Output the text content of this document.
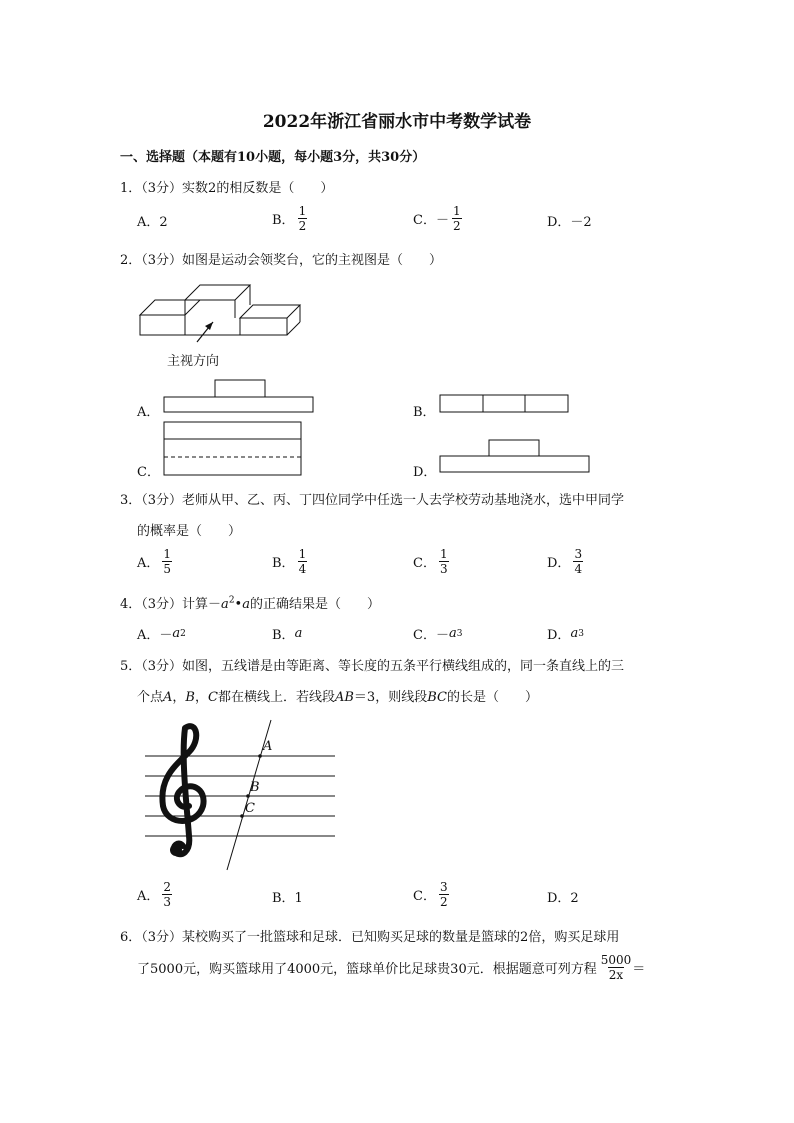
2022年浙江省丽水市中考数学试卷
一、选择题（本题有10小题，每小题3分，共30分）
1．（3分）实数2的相反数是（　　）
A．2	B． $\frac{1}{2}$	C．－ $\frac{1}{2}$	D．－2
2．（3分）如图是运动会领奖台，它的主视图是（　　）
主视方向
A．	B．
C．	D．
3．（3分）老师从甲、乙、丙、丁四位同学中任选一人去学校劳动基地浇水，选中甲同学
的概率是（　　）
A． $\frac{1}{5}$	B． $\frac{1}{4}$	C． $\frac{1}{3}$	D． $\frac{3}{4}$
4．（3分）计算$-a^2•a$的正确结果是（　　）
A．－ a 2	B． a	C．－ a 3	D． a 3
5．（3分）如图，五线谱是由等距离、等长度的五条平行横线组成的，同一条直线上的三
个点A，B，C都在横线上．若线段AB＝3，则线段BC的长是（　　）
A
B
C
A． $\frac{2}{3}$	B．1	C． $\frac{3}{2}$	D．2
6．（3分）某校购买了一批篮球和足球．已知购买足球的数量是篮球的2倍，购买足球用
了5000元，购买篮球用了4000元，篮球单价比足球贵30元．根据题意可列方程 $\frac{5000}{2x}$ ＝
